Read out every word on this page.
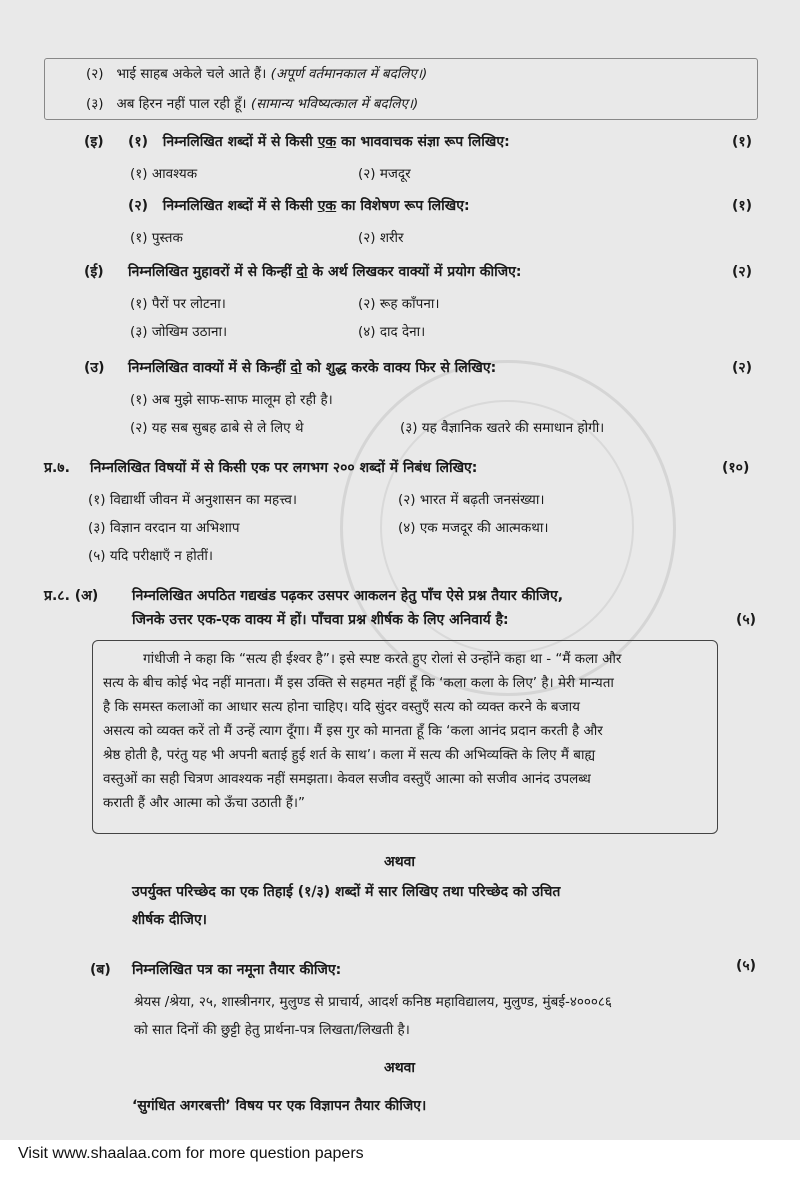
(२) भाई साहब अकेले चले आते हैं। (अपूर्ण वर्तमानकाल में बदलिए।)
(३) अब हिरन नहीं पाल रही हूँ। (सामान्य भविष्यत्काल में बदलिए।)
(इ) (१) निम्नलिखित शब्दों में से किसी एक का भाववाचक संज्ञा रूप लिखिए:	(१)
(१) आवश्यक	(२) मजदूर
(२) निम्नलिखित शब्दों में से किसी एक का विशेषण रूप लिखिए:	(१)
(१) पुस्तक	(२) शरीर
(ई) निम्नलिखित मुहावरों में से किन्हीं दो के अर्थ लिखकर वाक्यों में प्रयोग कीजिए:	(२)
(१) पैरों पर लोटना।	(२) रूह काँपना।
(३) जोखिम उठाना।	(४) दाद देना।
(उ) निम्नलिखित वाक्यों में से किन्हीं दो को शुद्ध करके वाक्य फिर से लिखिए:	(२)
(१) अब मुझे साफ-साफ मालूम हो रही है।
(२) यह सब सुबह ढाबे से ले लिए थे	(३) यह वैज्ञानिक खतरे की समाधान होगी।
प्र.७. निम्नलिखित विषयों में से किसी एक पर लगभग २०० शब्दों में निबंध लिखिए:	(१०)
(१) विद्यार्थी जीवन में अनुशासन का महत्त्व।	(२) भारत में बढ़ती जनसंख्या।
(३) विज्ञान वरदान या अभिशाप	(४) एक मजदूर की आत्मकथा।
(५) यदि परीक्षाएँ न होतीं।
प्र.८. (अ) निम्नलिखित अपठित गद्यखंड पढ़कर उसपर आकलन हेतु पाँच ऐसे प्रश्न तैयार कीजिए,
जिनके उत्तर एक-एक वाक्य में हों। पाँचवा प्रश्न शीर्षक के लिए अनिवार्य है:	(५)
गांधीजी ने कहा कि “सत्य ही ईश्वर है”। इसे स्पष्ट करते हुए रोलां से उन्होंने कहा था - “मैं कला और
सत्य के बीच कोई भेद नहीं मानता। मैं इस उक्ति से सहमत नहीं हूँ कि ‘कला कला के लिए’ है। मेरी मान्यता
है कि समस्त कलाओं का आधार सत्य होना चाहिए। यदि सुंदर वस्तुएँ सत्य को व्यक्त करने के बजाय
असत्य को व्यक्त करें तो मैं उन्हें त्याग दूँगा। मैं इस गुर को मानता हूँ कि ‘कला आनंद प्रदान करती है और
श्रेष्ठ होती है, परंतु यह भी अपनी बताई हुई शर्त के साथ’। कला में सत्य की अभिव्यक्ति के लिए मैं बाह्य
वस्तुओं का सही चित्रण आवश्यक नहीं समझता। केवल सजीव वस्तुएँ आत्मा को सजीव आनंद उपलब्ध
कराती हैं और आत्मा को ऊँचा उठाती हैं।”
अथवा
उपर्युक्त परिच्छेद का एक तिहाई (१/३) शब्दों में सार लिखिए तथा परिच्छेद को उचित
शीर्षक दीजिए।
(ब) निम्नलिखित पत्र का नमूना तैयार कीजिए:	(५)
श्रेयस /श्रेया, २५, शास्त्रीनगर, मुलुण्ड से प्राचार्य, आदर्श कनिष्ठ महाविद्यालय, मुलुण्ड, मुंबई-४०००८६
को सात दिनों की छुट्टी हेतु प्रार्थना-पत्र लिखता/लिखती है।
अथवा
‘सुगंधित अगरबत्ती’ विषय पर एक विज्ञापन तैयार कीजिए।
Visit www.shaalaa.com for more question papers
